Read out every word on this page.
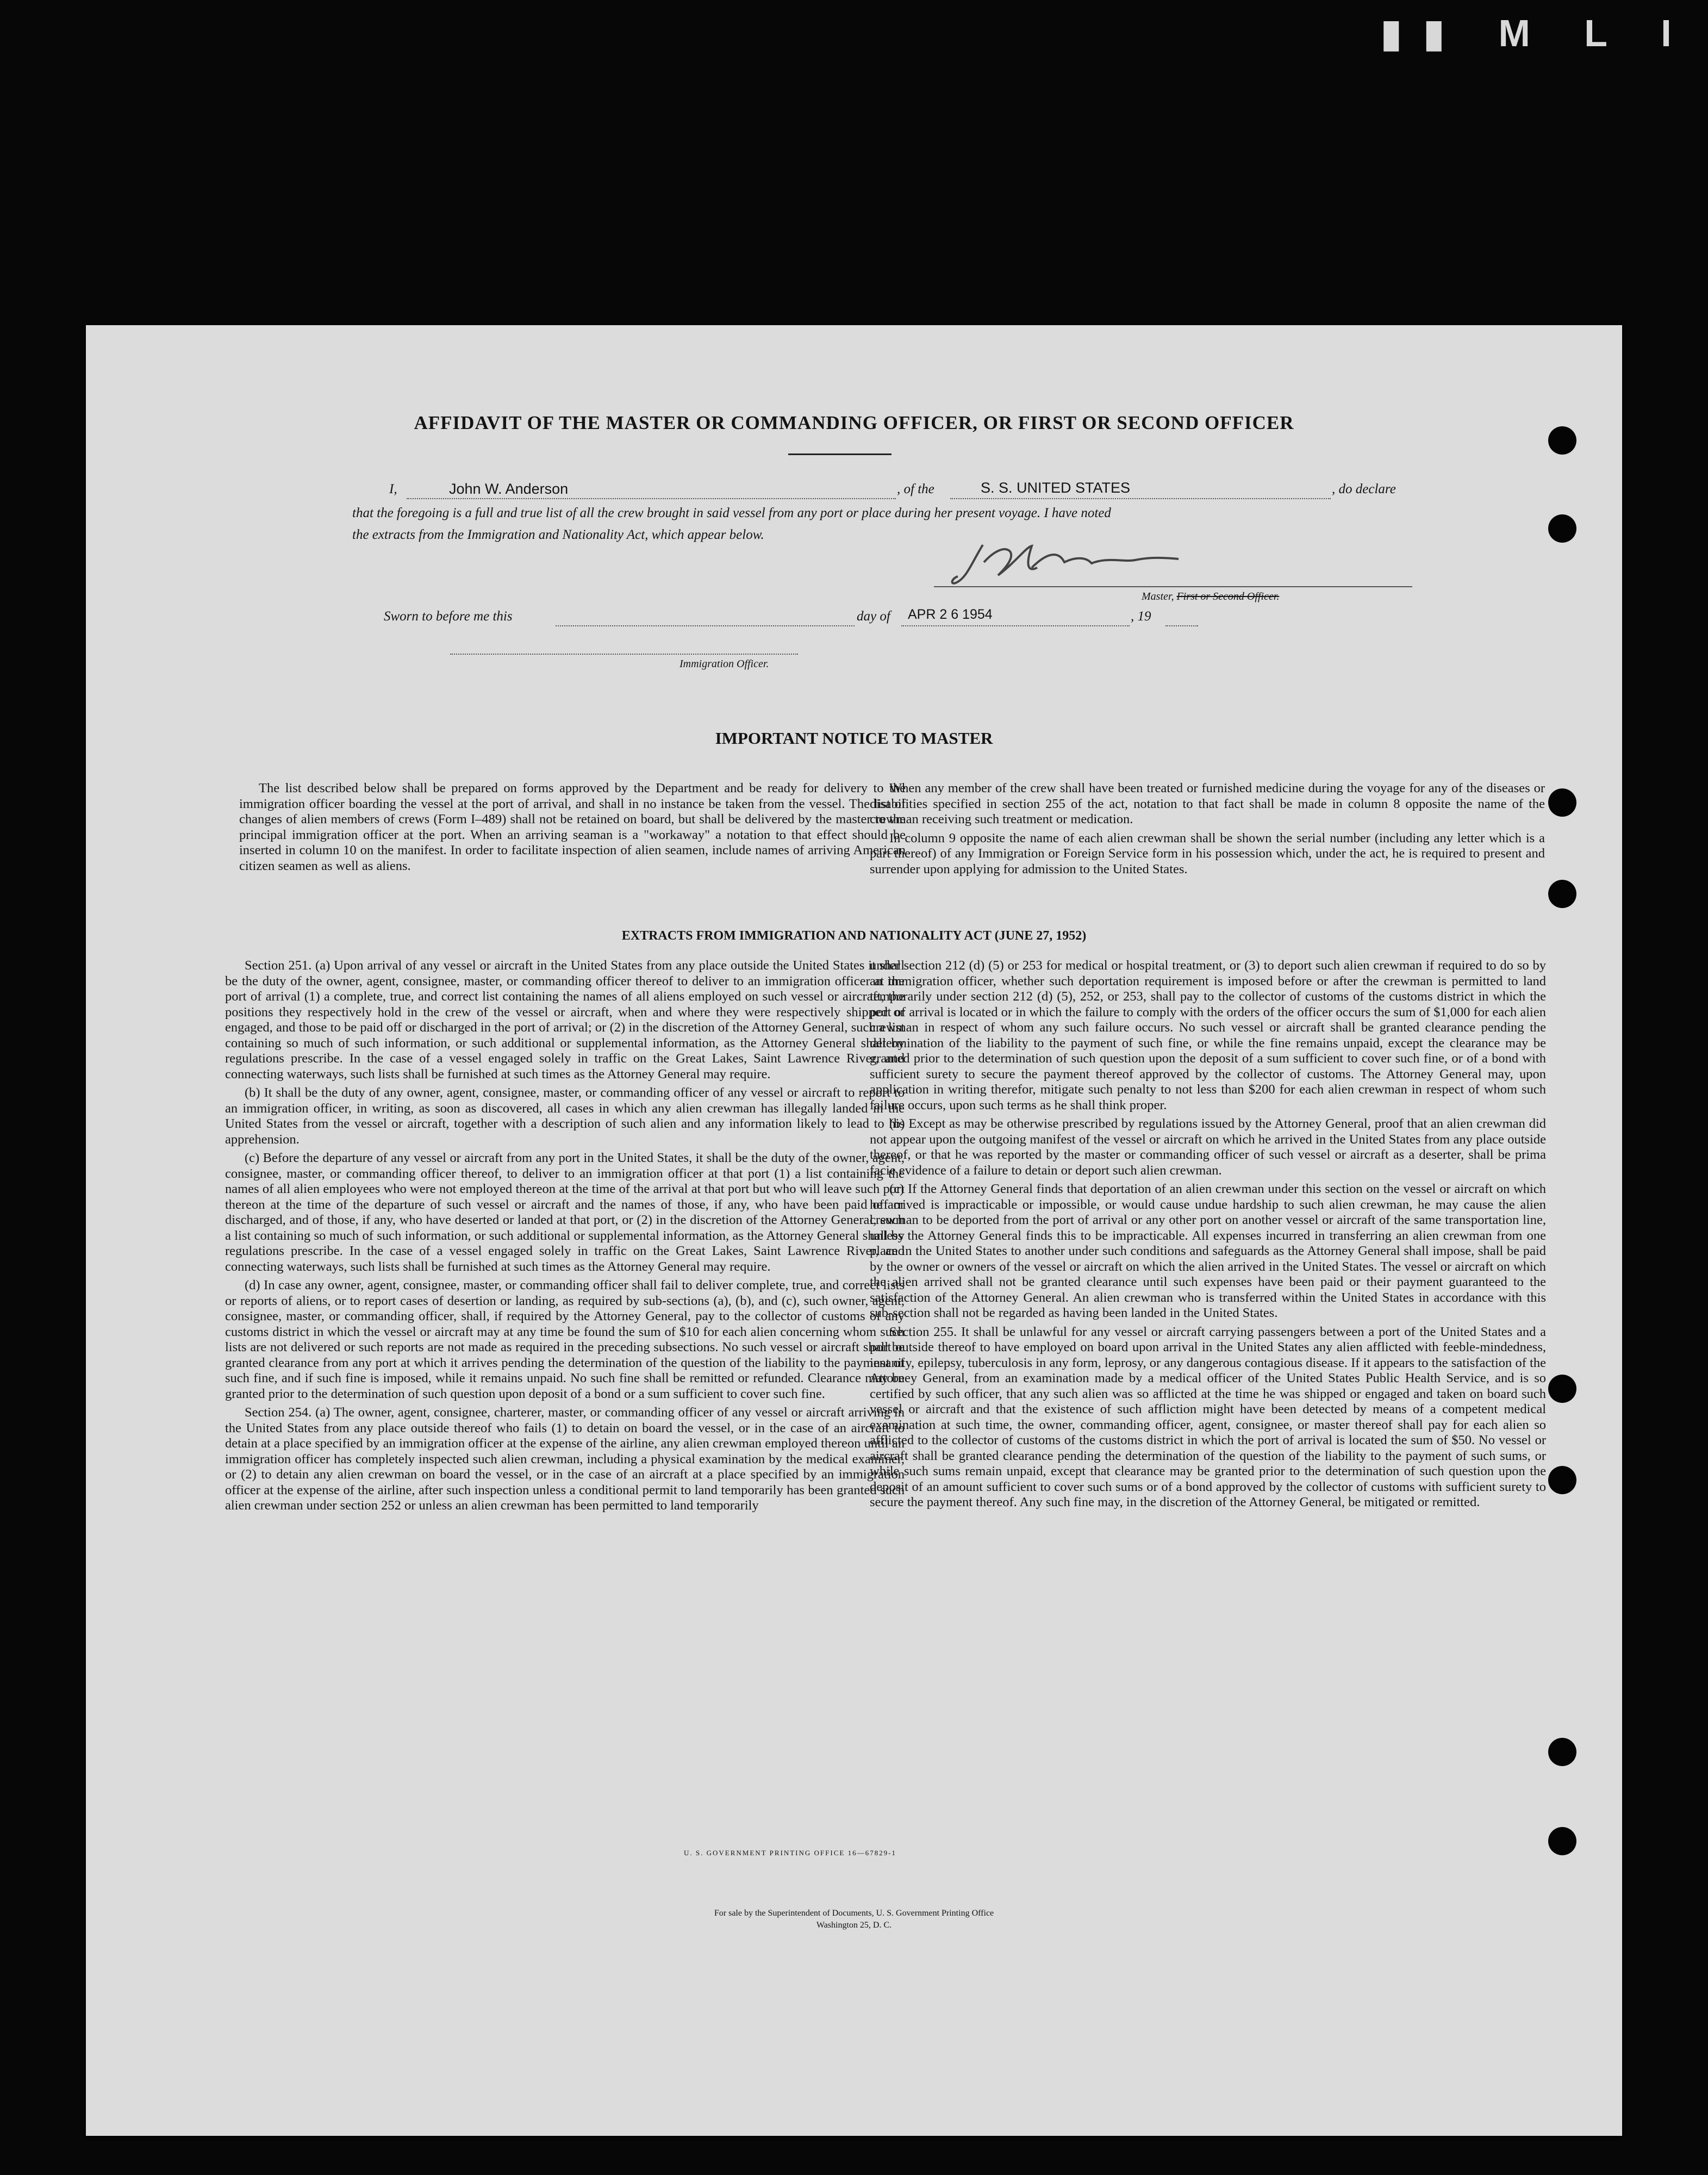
▮▮ M L I
AFFIDAVIT OF THE MASTER OR COMMANDING OFFICER, OR FIRST OR SECOND OFFICER
I,	John W. Anderson	, of the	S. S. UNITED STATES	, do declare
that the foregoing is a full and true list of all the crew brought in said vessel from any port or place during her present voyage. I have noted
the extracts from the Immigration and Nationality Act, which appear below.
Master, First or Second Officer.
Sworn to before me this	day of APR 2 6 1954	, 19
Immigration Officer.
IMPORTANT NOTICE TO MASTER

The list described below shall be prepared on forms approved by the Department and be ready for delivery to the immigration officer boarding the vessel at the port of arrival, and shall in no instance be taken from the vessel. The list of changes of alien members of crews (Form I–489) shall not be retained on board, but shall be delivered by the master to the principal immigration officer at the port. When an arriving seaman is a "workaway" a notation to that effect should be inserted in column 10 on the manifest. In order to facilitate inspection of alien seamen, include names of arriving American citizen seamen as well as aliens.

When any member of the crew shall have been treated or furnished medicine during the voyage for any of the diseases or disabilities specified in section 255 of the act, notation to that fact shall be made in column 8 opposite the name of the crewman receiving such treatment or medication.

In column 9 opposite the name of each alien crewman shall be shown the serial number (including any letter which is a part thereof) of any Immigration or Foreign Service form in his possession which, under the act, he is required to present and surrender upon applying for admission to the United States.

EXTRACTS FROM IMMIGRATION AND NATIONALITY ACT (JUNE 27, 1952)

Section 251. (a) Upon arrival of any vessel or aircraft in the United States from any place outside the United States it shall be the duty of the owner, agent, consignee, master, or commanding officer thereof to deliver to an immigration officer at the port of arrival (1) a complete, true, and correct list containing the names of all aliens employed on such vessel or aircraft, the positions they respectively hold in the crew of the vessel or aircraft, when and where they were respectively shipped or engaged, and those to be paid off or discharged in the port of arrival; or (2) in the discretion of the Attorney General, such a list containing so much of such information, or such additional or supplemental information, as the Attorney General shall by regulations prescribe. In the case of a vessel engaged solely in traffic on the Great Lakes, Saint Lawrence River, and connecting waterways, such lists shall be furnished at such times as the Attorney General may require.

(b) It shall be the duty of any owner, agent, consignee, master, or commanding officer of any vessel or aircraft to report to an immigration officer, in writing, as soon as discovered, all cases in which any alien crewman has illegally landed in the United States from the vessel or aircraft, together with a description of such alien and any information likely to lead to his apprehension.

(c) Before the departure of any vessel or aircraft from any port in the United States, it shall be the duty of the owner, agent, consignee, master, or commanding officer thereof, to deliver to an immigration officer at that port (1) a list containing the names of all alien employees who were not employed thereon at the time of the arrival at that port but who will leave such port thereon at the time of the departure of such vessel or aircraft and the names of those, if any, who have been paid off or discharged, and of those, if any, who have deserted or landed at that port, or (2) in the discretion of the Attorney General, such a list containing so much of such information, or such additional or supplemental information, as the Attorney General shall by regulations prescribe. In the case of a vessel engaged solely in traffic on the Great Lakes, Saint Lawrence River, and connecting waterways, such lists shall be furnished at such times as the Attorney General may require.

(d) In case any owner, agent, consignee, master, or commanding officer shall fail to deliver complete, true, and correct lists or reports of aliens, or to report cases of desertion or landing, as required by sub-sections (a), (b), and (c), such owner, agent, consignee, master, or commanding officer, shall, if required by the Attorney General, pay to the collector of customs of any customs district in which the vessel or aircraft may at any time be found the sum of $10 for each alien concerning whom such lists are not delivered or such reports are not made as required in the preceding subsections. No such vessel or aircraft shall be granted clearance from any port at which it arrives pending the determination of the question of the liability to the payment of such fine, and if such fine is imposed, while it remains unpaid. No such fine shall be remitted or refunded. Clearance may be granted prior to the determination of such question upon deposit of a bond or a sum sufficient to cover such fine.

Section 254. (a) The owner, agent, consignee, charterer, master, or commanding officer of any vessel or aircraft arriving in the United States from any place outside thereof who fails (1) to detain on board the vessel, or in the case of an aircraft to detain at a place specified by an immigration officer at the expense of the airline, any alien crewman employed thereon until an immigration officer has completely inspected such alien crewman, including a physical examination by the medical examiner, or (2) to detain any alien crewman on board the vessel, or in the case of an aircraft at a place specified by an immigration officer at the expense of the airline, after such inspection unless a conditional permit to land temporarily has been granted such alien crewman under section 252 or unless an alien crewman has been permitted to land temporarily

under section 212 (d) (5) or 253 for medical or hospital treatment, or (3) to deport such alien crewman if required to do so by an immigration officer, whether such deportation requirement is imposed before or after the crewman is permitted to land temporarily under section 212 (d) (5), 252, or 253, shall pay to the collector of customs of the customs district in which the port of arrival is located or in which the failure to comply with the orders of the officer occurs the sum of $1,000 for each alien crewman in respect of whom any such failure occurs. No such vessel or aircraft shall be granted clearance pending the determination of the liability to the payment of such fine, or while the fine remains unpaid, except the clearance may be granted prior to the determination of such question upon the deposit of a sum sufficient to cover such fine, or of a bond with sufficient surety to secure the payment thereof approved by the collector of customs. The Attorney General may, upon application in writing therefor, mitigate such penalty to not less than $200 for each alien crewman in respect of whom such failure occurs, upon such terms as he shall think proper.

(b) Except as may be otherwise prescribed by regulations issued by the Attorney General, proof that an alien crewman did not appear upon the outgoing manifest of the vessel or aircraft on which he arrived in the United States from any place outside thereof, or that he was reported by the master or commanding officer of such vessel or aircraft as a deserter, shall be prima facie evidence of a failure to detain or deport such alien crewman.

(c) If the Attorney General finds that deportation of an alien crewman under this section on the vessel or aircraft on which he arrived is impracticable or impossible, or would cause undue hardship to such alien crewman, he may cause the alien crewman to be deported from the port of arrival or any other port on another vessel or aircraft of the same transportation line, unless the Attorney General finds this to be impracticable. All expenses incurred in transferring an alien crewman from one place in the United States to another under such conditions and safeguards as the Attorney General shall impose, shall be paid by the owner or owners of the vessel or aircraft on which the alien arrived in the United States. The vessel or aircraft on which the alien arrived shall not be granted clearance until such expenses have been paid or their payment guaranteed to the satisfaction of the Attorney General. An alien crewman who is transferred within the United States in accordance with this sub-section shall not be regarded as having been landed in the United States.

Section 255. It shall be unlawful for any vessel or aircraft carrying passengers between a port of the United States and a port outside thereof to have employed on board upon arrival in the United States any alien afflicted with feeble-mindedness, insanity, epilepsy, tuberculosis in any form, leprosy, or any dangerous contagious disease. If it appears to the satisfaction of the Attorney General, from an examination made by a medical officer of the United States Public Health Service, and is so certified by such officer, that any such alien was so afflicted at the time he was shipped or engaged and taken on board such vessel or aircraft and that the existence of such affliction might have been detected by means of a competent medical examination at such time, the owner, commanding officer, agent, consignee, or master thereof shall pay for each alien so afflicted to the collector of customs of the customs district in which the port of arrival is located the sum of $50. No vessel or aircraft shall be granted clearance pending the determination of the question of the liability to the payment of such sums, or while such sums remain unpaid, except that clearance may be granted prior to the determination of such question upon the deposit of an amount sufficient to cover such sums or of a bond approved by the collector of customs with sufficient surety to secure the payment thereof. Any such fine may, in the discretion of the Attorney General, be mitigated or remitted.

U. S. GOVERNMENT PRINTING OFFICE 16—67829-1
For sale by the Superintendent of Documents, U. S. Government Printing Office
Washington 25, D. C.
